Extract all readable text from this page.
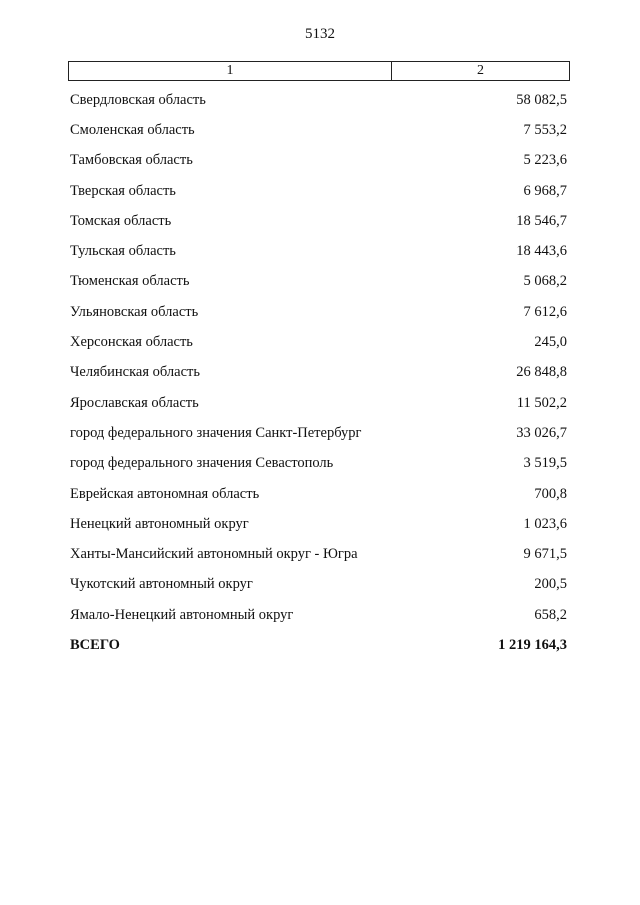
5132
1	2
Свердловская область	58 082,5
Смоленская область	7 553,2
Тамбовская область	5 223,6
Тверская область	6 968,7
Томская область	18 546,7
Тульская область	18 443,6
Тюменская область	5 068,2
Ульяновская область	7 612,6
Херсонская область	245,0
Челябинская область	26 848,8
Ярославская область	11 502,2
город федерального значения Санкт-Петербург	33 026,7
город федерального значения Севастополь	3 519,5
Еврейская автономная область	700,8
Ненецкий автономный округ	1 023,6
Ханты-Мансийский автономный округ - Югра	9 671,5
Чукотский автономный округ	200,5
Ямало-Ненецкий автономный округ	658,2
ВСЕГО	1 219 164,3
